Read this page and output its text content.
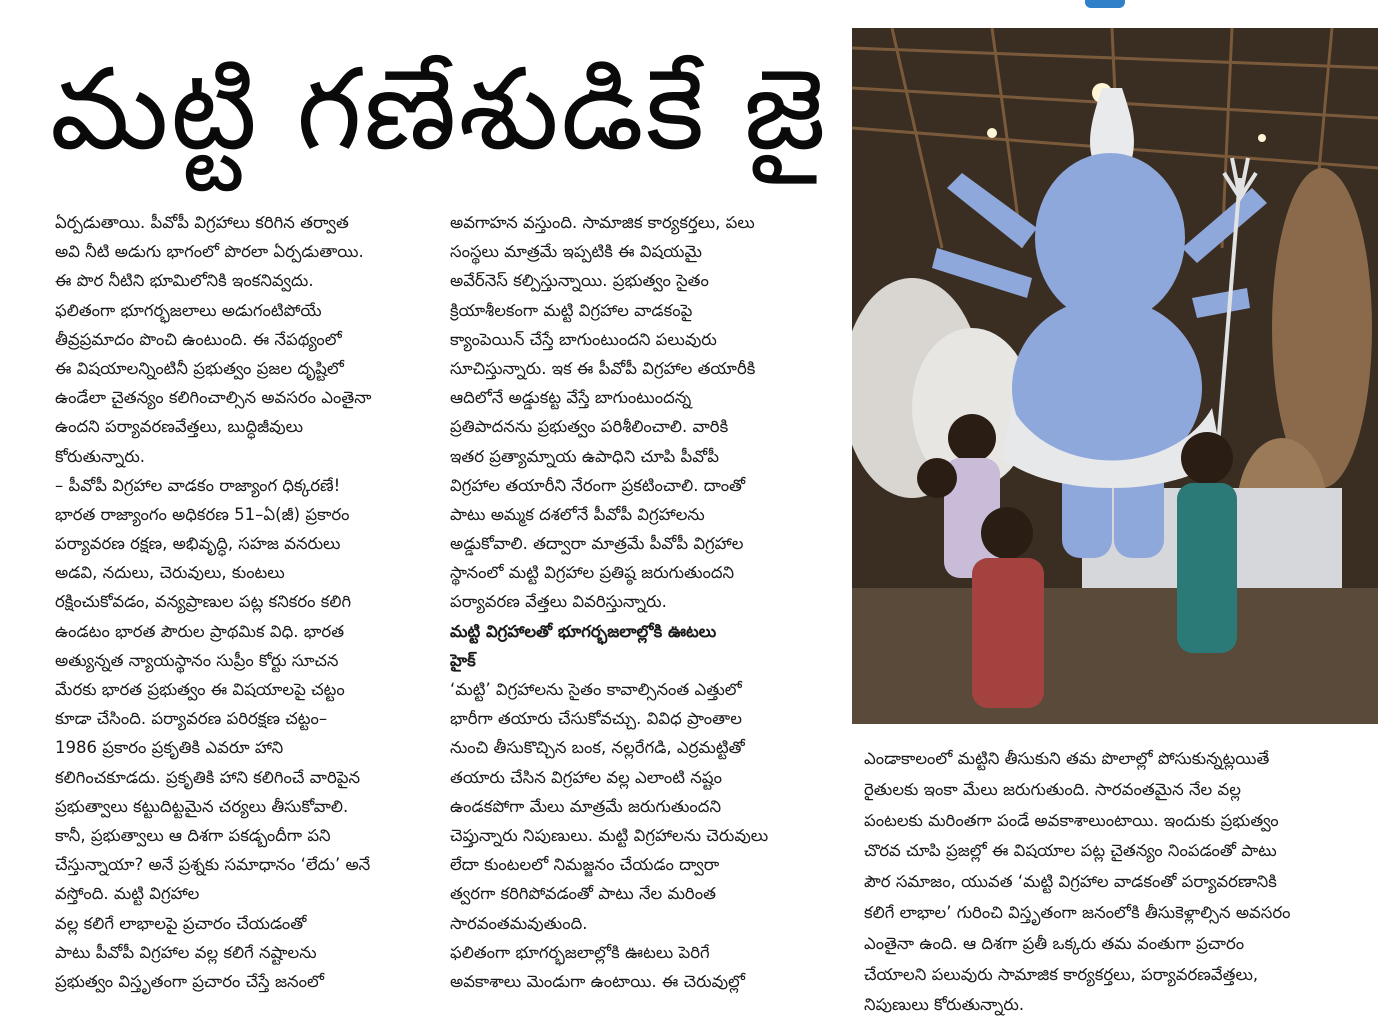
మట్టి గణేశుడికే జై

ఏర్పడుతాయి. పీవోపీ విగ్రహాలు కరిగిన తర్వాత

అవి నీటి అడుగు భాగంలో పొరలా ఏర్పడుతాయి.

ఈ పొర నీటిని భూమిలోనికి ఇంకనివ్వదు.

ఫలితంగా భూగర్భజలాలు అడుగంటిపోయే

తీవ్రప్రమాదం పొంచి ఉంటుంది. ఈ నేపథ్యంలో

ఈ విషయాలన్నింటినీ ప్రభుత్వం ప్రజల దృష్టిలో

ఉండేలా చైతన్యం కలిగించాల్సిన అవసరం ఎంతైనా

ఉందని పర్యావరణవేత్తలు, బుద్ధిజీవులు

కోరుతున్నారు.

– పీవోపీ విగ్రహాల వాడకం రాజ్యాంగ ధిక్కరణే!

భారత రాజ్యాంగం అధికరణ 51–ఏ(జీ) ప్రకారం

పర్యావరణ రక్షణ, అభివృద్ధి, సహజ వనరులు

అడవి, నదులు, చెరువులు, కుంటలు

రక్షించుకోవడం, వన్యప్రాణుల పట్ల కనికరం కలిగి

ఉండటం భారత పౌరుల ప్రాథమిక విధి. భారత

అత్యున్నత న్యాయస్థానం సుప్రీం కోర్టు సూచన

మేరకు భారత ప్రభుత్వం ఈ విషయాలపై చట్టం

కూడా చేసింది. పర్యావరణ పరిరక్షణ చట్టం–

1986 ప్రకారం ప్రకృతికి ఎవరూ హాని

కలిగించకూడదు. ప్రకృతికి హాని కలిగించే వారిపైన

ప్రభుత్వాలు కట్టుదిట్టమైన చర్యలు తీసుకోవాలి.

కానీ, ప్రభుత్వాలు ఆ దిశగా పకడ్బందీగా పని

చేస్తున్నాయా? అనే ప్రశ్నకు సమాధానం ‘లేదు’ అనే

వస్తోంది. మట్టి విగ్రహాల

వల్ల కలిగే లాభాలపై ప్రచారం చేయడంతో

పాటు పీవోపీ విగ్రహాల వల్ల కలిగే నష్టాలను

ప్రభుత్వం విస్తృతంగా ప్రచారం చేస్తే జనంలో

అవగాహన వస్తుంది. సామాజిక కార్యకర్తలు, పలు

సంస్థలు మాత్రమే ఇప్పటికి ఈ విషయమై

అవేర్‌నెస్ కల్పిస్తున్నాయి. ప్రభుత్వం సైతం

క్రియాశీలకంగా మట్టి విగ్రహాల వాడకంపై

క్యాంపెయిన్ చేస్తే బాగుంటుందని పలువురు

సూచిస్తున్నారు. ఇక ఈ పీవోపీ విగ్రహాల తయారీకి

ఆదిలోనే అడ్డుకట్ట వేస్తే బాగుంటుందన్న

ప్రతిపాదనను ప్రభుత్వం పరిశీలించాలి. వారికి

ఇతర ప్రత్యామ్నాయ ఉపాధిని చూపి పీవోపీ

విగ్రహాల తయారీని నేరంగా ప్రకటించాలి. దాంతో

పాటు అమ్మక దశలోనే పీవోపీ విగ్రహాలను

అడ్డుకోవాలి. తద్వారా మాత్రమే పీవోపీ విగ్రహాల

స్థానంలో మట్టి విగ్రహాల ప్రతిష్ఠ జరుగుతుందని

పర్యావరణ వేత్తలు వివరిస్తున్నారు.

మట్టి విగ్రహాలతో భూగర్భజలాల్లోకి ఊటలు

హైక్

‘మట్టి’ విగ్రహాలను సైతం కావాల్సినంత ఎత్తులో

భారీగా తయారు చేసుకోవచ్చు. వివిధ ప్రాంతాల

నుంచి తీసుకొచ్చిన బంక, నల్లరేగడి, ఎర్రమట్టితో

తయారు చేసిన విగ్రహాల వల్ల ఎలాంటి నష్టం

ఉండకపోగా మేలు మాత్రమే జరుగుతుందని

చెప్తున్నారు నిపుణులు. మట్టి విగ్రహాలను చెరువులు

లేదా కుంటలలో నిమజ్జనం చేయడం ద్వారా

త్వరగా కరిగిపోవడంతో పాటు నేల మరింత

సారవంతమవుతుంది.

ఫలితంగా భూగర్భజలాల్లోకి ఊటలు పెరిగే

అవకాశాలు మెండుగా ఉంటాయి. ఈ చెరువుల్లో

ఎండాకాలంలో మట్టిని తీసుకుని తమ పొలాల్లో పోసుకున్నట్లయితే

రైతులకు ఇంకా మేలు జరుగుతుంది. సారవంతమైన నేల వల్ల

పంటలకు మరింతగా పండే అవకాశాలుంటాయి. ఇందుకు ప్రభుత్వం

చొరవ చూపి ప్రజల్లో ఈ విషయాల పట్ల చైతన్యం నింపడంతో పాటు

పౌర సమాజం, యువత ‘మట్టి విగ్రహాల వాడకంతో పర్యావరణానికి

కలిగే లాభాల’ గురించి విస్తృతంగా జనంలోకి తీసుకెళ్లాల్సిన అవసరం

ఎంతైనా ఉంది. ఆ దిశగా ప్రతీ ఒక్కరు తమ వంతుగా ప్రచారం

చేయాలని పలువురు సామాజిక కార్యకర్తలు, పర్యావరణవేత్తలు,

నిపుణులు కోరుతున్నారు.
